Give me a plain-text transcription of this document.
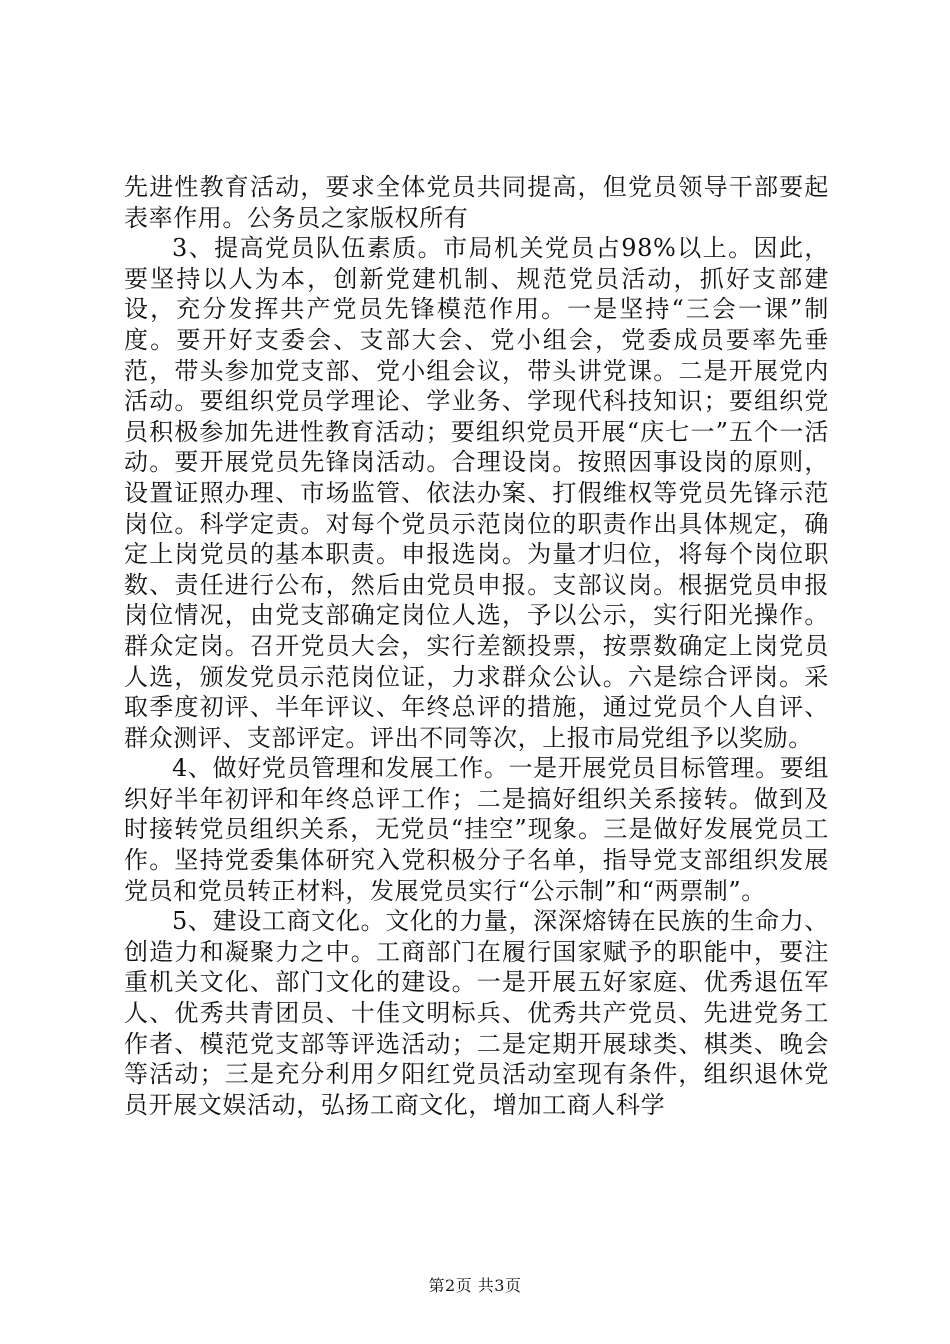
先进性教育活动，要求全体党员共同提高，但党员领导干部要起表率作用。公务员之家版权所有

3、提高党员队伍素质。市局机关党员占98%以上。因此，要坚持以人为本，创新党建机制、规范党员活动，抓好支部建设，充分发挥共产党员先锋模范作用。一是坚持“三会一课”制度。要开好支委会、支部大会、党小组会，党委成员要率先垂范，带头参加党支部、党小组会议，带头讲党课。二是开展党内活动。要组织党员学理论、学业务、学现代科技知识；要组织党员积极参加先进性教育活动；要组织党员开展“庆七一”五个一活动。要开展党员先锋岗活动。合理设岗。按照因事设岗的原则，设置证照办理、市场监管、依法办案、打假维权等党员先锋示范岗位。科学定责。对每个党员示范岗位的职责作出具体规定，确定上岗党员的基本职责。申报选岗。为量才归位，将每个岗位职数、责任进行公布，然后由党员申报。支部议岗。根据党员申报岗位情况，由党支部确定岗位人选，予以公示，实行阳光操作。群众定岗。召开党员大会，实行差额投票，按票数确定上岗党员人选，颁发党员示范岗位证，力求群众公认。六是综合评岗。采取季度初评、半年评议、年终总评的措施，通过党员个人自评、群众测评、支部评定。评出不同等次，上报市局党组予以奖励。

4、做好党员管理和发展工作。一是开展党员目标管理。要组织好半年初评和年终总评工作；二是搞好组织关系接转。做到及时接转党员组织关系，无党员“挂空”现象。三是做好发展党员工作。坚持党委集体研究入党积极分子名单，指导党支部组织发展党员和党员转正材料，发展党员实行“公示制”和“两票制”。

5、建设工商文化。文化的力量，深深熔铸在民族的生命力、创造力和凝聚力之中。工商部门在履行国家赋予的职能中，要注重机关文化、部门文化的建设。一是开展五好家庭、优秀退伍军人、优秀共青团员、十佳文明标兵、优秀共产党员、先进党务工作者、模范党支部等评选活动；二是定期开展球类、棋类、晚会等活动；三是充分利用夕阳红党员活动室现有条件，组织退休党员开展文娱活动，弘扬工商文化，增加工商人科学

第2页 共3页
